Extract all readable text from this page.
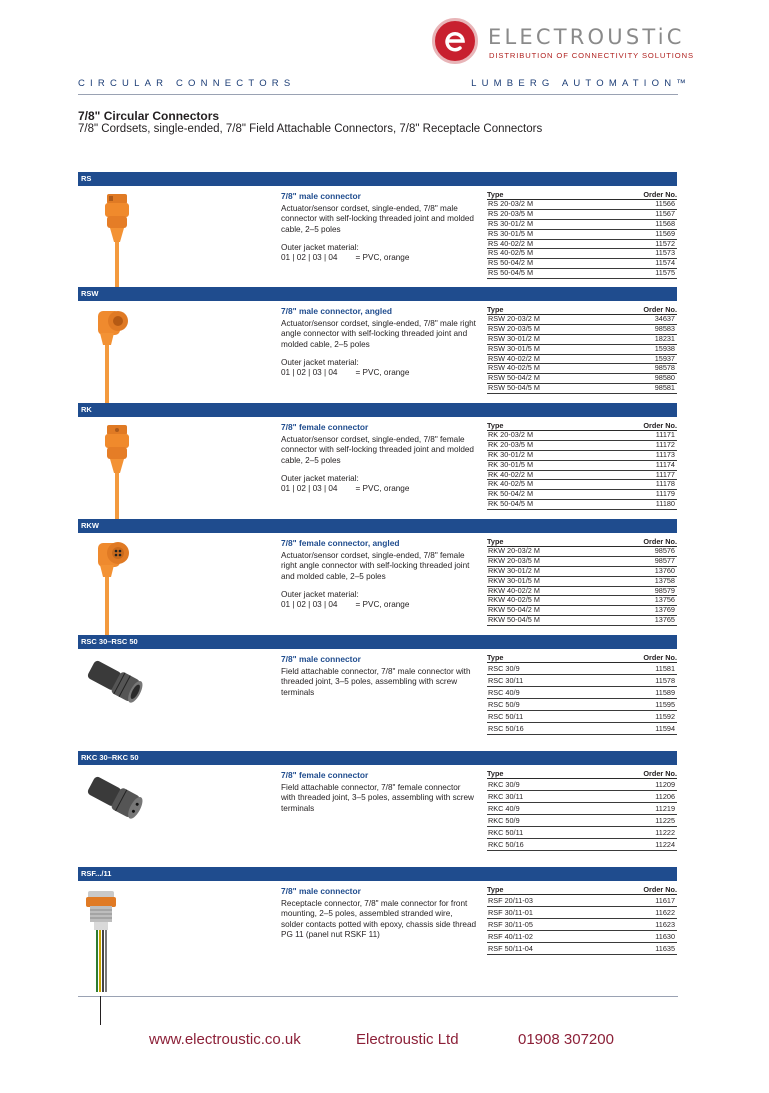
ELECTROUSTiC
DISTRIBUTION OF CONNECTIVITY SOLUTIONS
CIRCULAR CONNECTORS	LUMBERG AUTOMATION™
7/8" Circular Connectors
7/8" Cordsets, single-ended, 7/8" Field Attachable Connectors, 7/8" Receptacle Connectors
RS
7/8" male connector
Actuator/sensor cordset, single-ended, 7/8" male connector with self-locking threaded joint and molded cable, 2–5 poles
Outer jacket material:
01 | 02 | 03 | 04 = PVC, orange
Type	Order No.
RS 20-03/2 M	11566
RS 20-03/5 M	11567
RS 30-01/2 M	11568
RS 30-01/5 M	11569
RS 40-02/2 M	11572
RS 40-02/5 M	11573
RS 50-04/2 M	11574
RS 50-04/5 M	11575
RSW
7/8" male connector, angled
Actuator/sensor cordset, single-ended, 7/8" male right angle connector with self-locking threaded joint and molded cable, 2–5 poles
Outer jacket material:
01 | 02 | 03 | 04 = PVC, orange
Type	Order No.
RSW 20-03/2 M	34637
RSW 20-03/5 M	98583
RSW 30-01/2 M	18231
RSW 30-01/5 M	15938
RSW 40-02/2 M	15937
RSW 40-02/5 M	98578
RSW 50-04/2 M	98580
RSW 50-04/5 M	98581
RK
7/8" female connector
Actuator/sensor cordset, single-ended, 7/8" female connector with self-locking threaded joint and molded cable, 2–5 poles
Outer jacket material:
01 | 02 | 03 | 04 = PVC, orange
Type	Order No.
RK 20-03/2 M	11171
RK 20-03/5 M	11172
RK 30-01/2 M	11173
RK 30-01/5 M	11174
RK 40-02/2 M	11177
RK 40-02/5 M	11178
RK 50-04/2 M	11179
RK 50-04/5 M	11180
RKW
7/8" female connector, angled
Actuator/sensor cordset, single-ended, 7/8" female right angle connector with self-locking threaded joint and molded cable, 2–5 poles
Outer jacket material:
01 | 02 | 03 | 04 = PVC, orange
Type	Order No.
RKW 20-03/2 M	98576
RKW 20-03/5 M	98577
RKW 30-01/2 M	13760
RKW 30-01/5 M	13758
RKW 40-02/2 M	98579
RKW 40-02/5 M	13756
RKW 50-04/2 M	13769
RKW 50-04/5 M	13765
RSC 30–RSC 50
7/8" male connector
Field attachable connector, 7/8" male connector with threaded joint, 3–5 poles, assembling with screw terminals
Type	Order No.
RSC 30/9	11581
RSC 30/11	11578
RSC 40/9	11589
RSC 50/9	11595
RSC 50/11	11592
RSC 50/16	11594
RKC 30–RKC 50
7/8" female connector
Field attachable connector, 7/8" female connector with threaded joint, 3–5 poles, assembling with screw terminals
Type	Order No.
RKC 30/9	11209
RKC 30/11	11206
RKC 40/9	11219
RKC 50/9	11225
RKC 50/11	11222
RKC 50/16	11224
RSF.../11
7/8" male connector
Receptacle connector, 7/8" male connector for front mounting, 2–5 poles, assembled stranded wire, solder contacts potted with epoxy, chassis side thread PG 11 (panel nut RSKF 11)
Type	Order No.
RSF 20/11-03	11617
RSF 30/11-01	11622
RSF 30/11-05	11623
RSF 40/11-02	11630
RSF 50/11-04	11635
www.electroustic.co.uk	Electroustic Ltd	01908 307200
